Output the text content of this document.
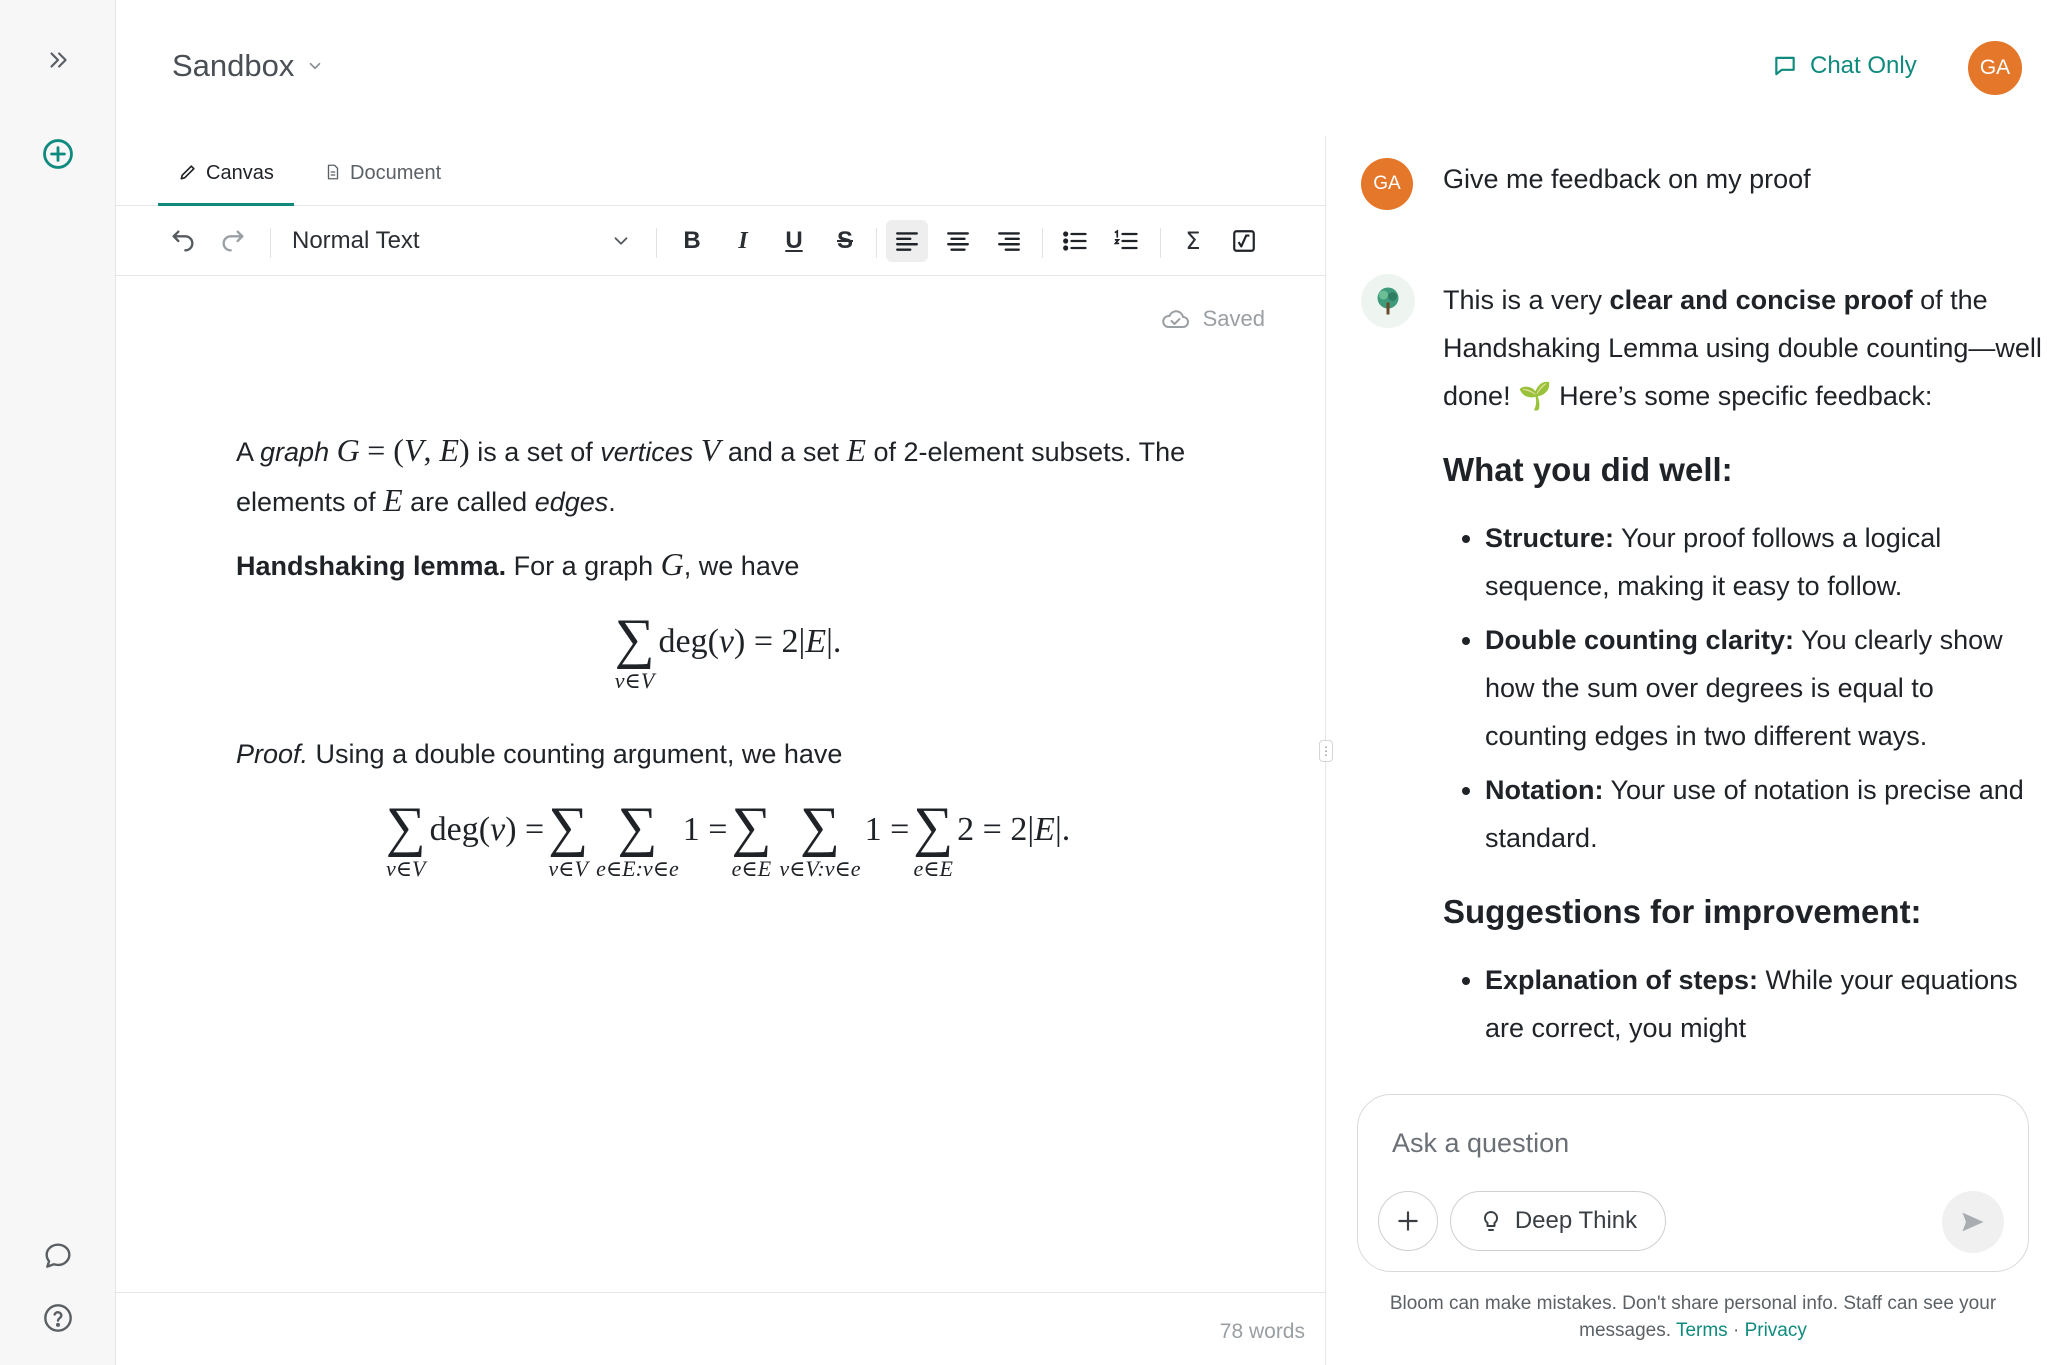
Sandbox	Chat Only	GA
Canvas	Document
Normal Text	B	I	U	S	Σ
Saved

A graph G = (V, E) is a set of vertices V and a set E of 2-element subsets. The elements of E are called edges.

Handshaking lemma. For a graph G, we have

∑
v∈V
deg(v) = 2|E|.

Proof. Using a double counting argument, we have

∑
v∈V
deg(v) = ∑
v∈V
∑
e∈E:v∈e
1 = ∑
e∈E
∑
v∈V:v∈e
1 = ∑
e∈E
2 = 2|E|.
78 words
⋮
GA	Give me feedback on my proof

This is a very clear and concise proof of the Handshaking Lemma using double counting—well done! 🌱 Here’s some specific feedback:

What you did well:
• Structure: Your proof follows a logical sequence, making it easy to follow.
• Double counting clarity: You clearly show how the sum over degrees is equal to counting edges in two different ways.
• Notation: Your use of notation is precise and standard.
Suggestions for improvement:
• Explanation of steps: While your equations are correct, you might
Ask a question
Deep Think
Bloom can make mistakes. Don't share personal info. Staff can see your messages. Terms · Privacy
